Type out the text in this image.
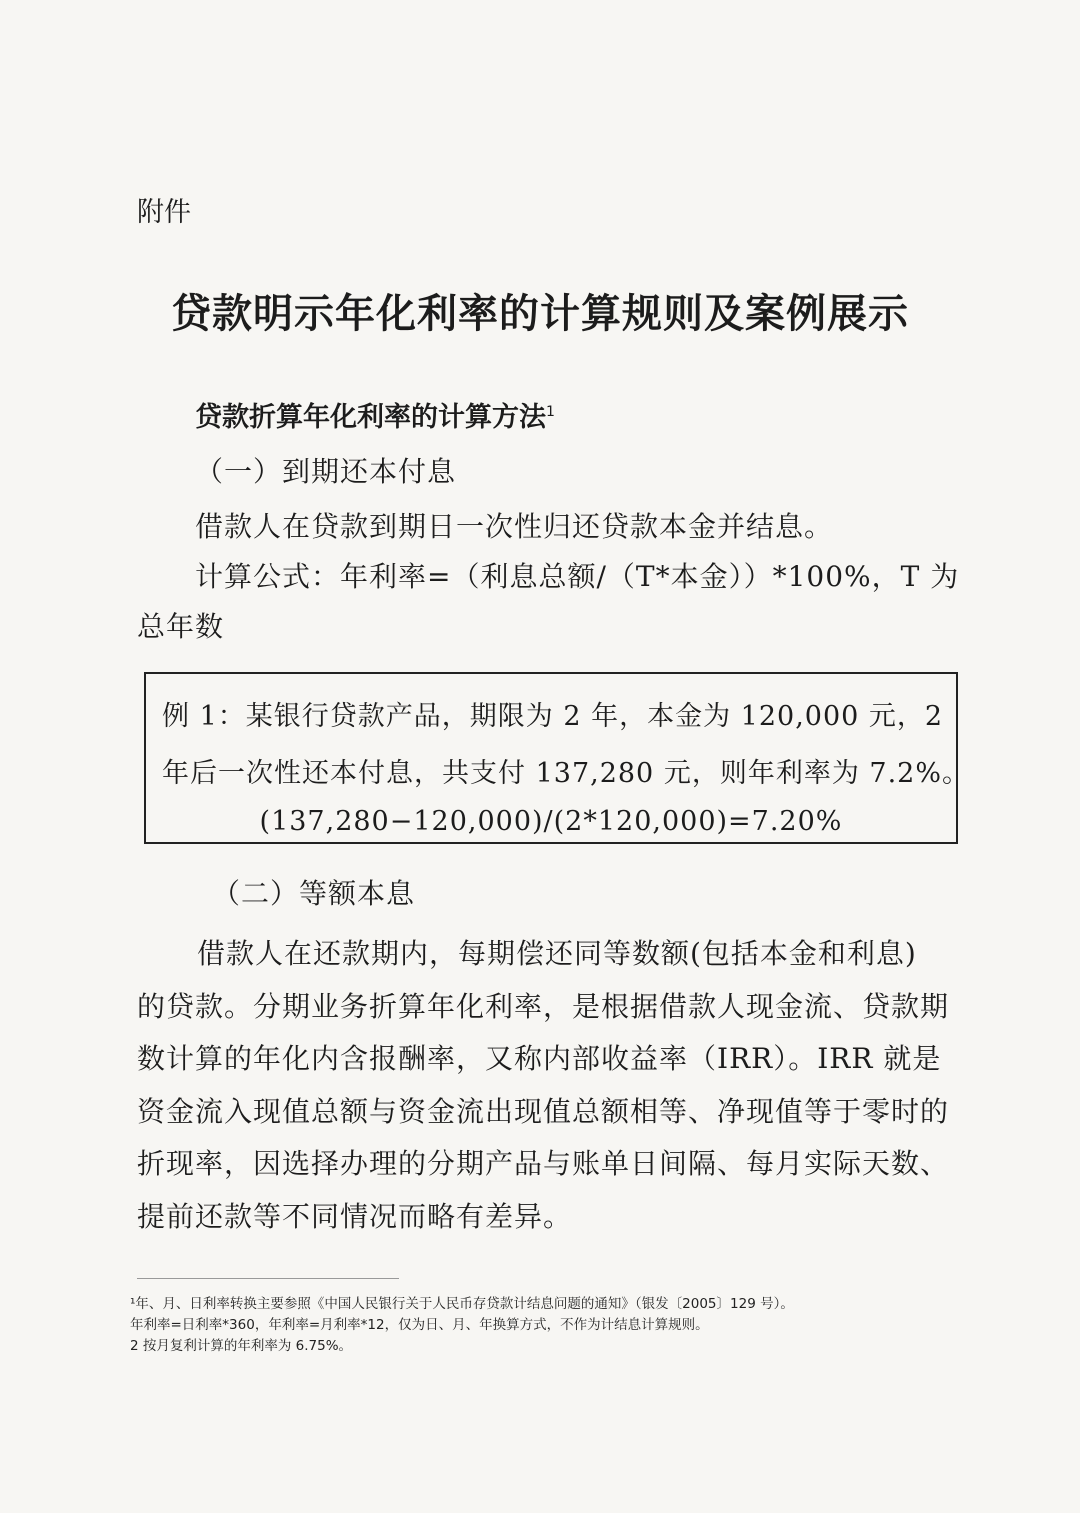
附件
贷款明示年化利率的计算规则及案例展示
贷款折算年化利率的计算方法$^1$
（一）到期还本付息
借款人在贷款到期日一次性归还贷款本金并结息。
计算公式：年利率=（利息总额/（T*本金））*100%，T 为
总年数
例 1：某银行贷款产品，期限为 2 年，本金为 120,000 元，2
年后一次性还本付息，共支付 137,280 元，则年利率为 7.2%。
(137,280−120,000)/(2*120,000)=7.20%
（二）等额本息
借款人在还款期内，每期偿还同等数额(包括本金和利息)
的贷款。分期业务折算年化利率，是根据借款人现金流、贷款期
数计算的年化内含报酬率，又称内部收益率（IRR）。IRR 就是
资金流入现值总额与资金流出现值总额相等、净现值等于零时的
折现率，因选择办理的分期产品与账单日间隔、每月实际天数、
提前还款等不同情况而略有差异。
¹年、月、日利率转换主要参照《中国人民银行关于人民币存贷款计结息问题的通知》（银发〔2005〕129 号）。
年利率=日利率*360，年利率=月利率*12，仅为日、月、年换算方式，不作为计结息计算规则。
2 按月复利计算的年利率为 6.75%。
